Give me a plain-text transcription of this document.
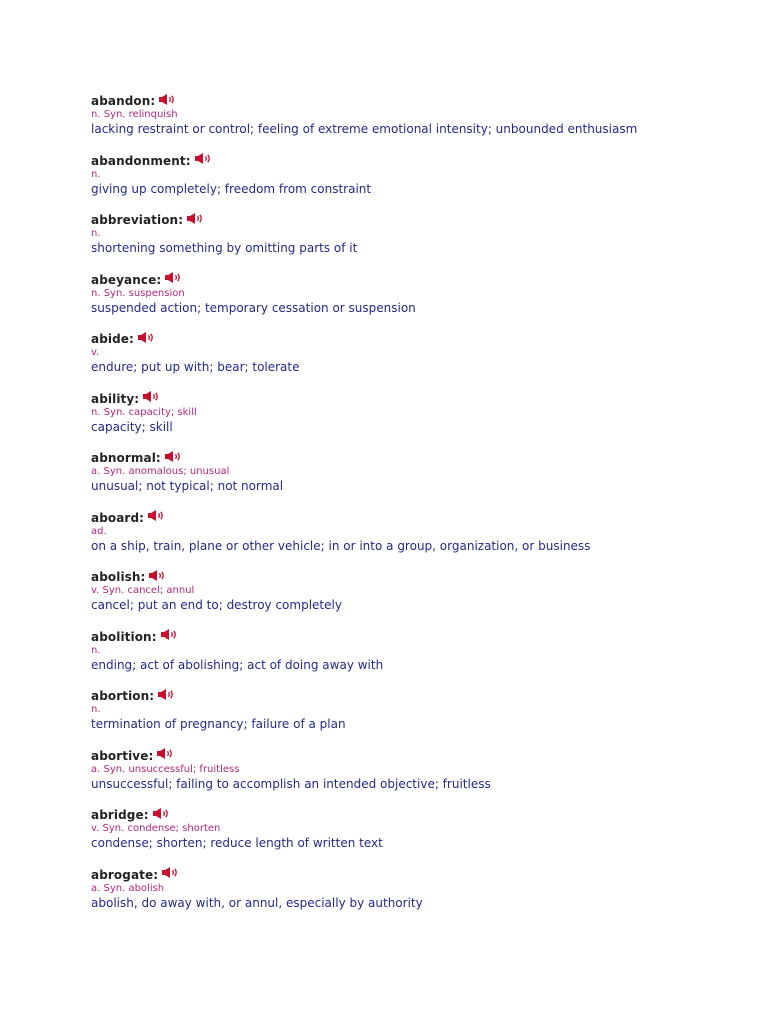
abandon:
n. Syn. relinquish
lacking restraint or control; feeling of extreme emotional intensity; unbounded enthusiasm
abandonment:
n.
giving up completely; freedom from constraint
abbreviation:
n.
shortening something by omitting parts of it
abeyance:
n. Syn. suspension
suspended action; temporary cessation or suspension
abide:
v.
endure; put up with; bear; tolerate
ability:
n. Syn. capacity; skill
capacity; skill
abnormal:
a. Syn. anomalous; unusual
unusual; not typical; not normal
aboard:
ad.
on a ship, train, plane or other vehicle; in or into a group, organization, or business
abolish:
v. Syn. cancel; annul
cancel; put an end to; destroy completely
abolition:
n.
ending; act of abolishing; act of doing away with
abortion:
n.
termination of pregnancy; failure of a plan
abortive:
a. Syn. unsuccessful; fruitless
unsuccessful; failing to accomplish an intended objective; fruitless
abridge:
v. Syn. condense; shorten
condense; shorten; reduce length of written text
abrogate:
a. Syn. abolish
abolish, do away with, or annul, especially by authority
